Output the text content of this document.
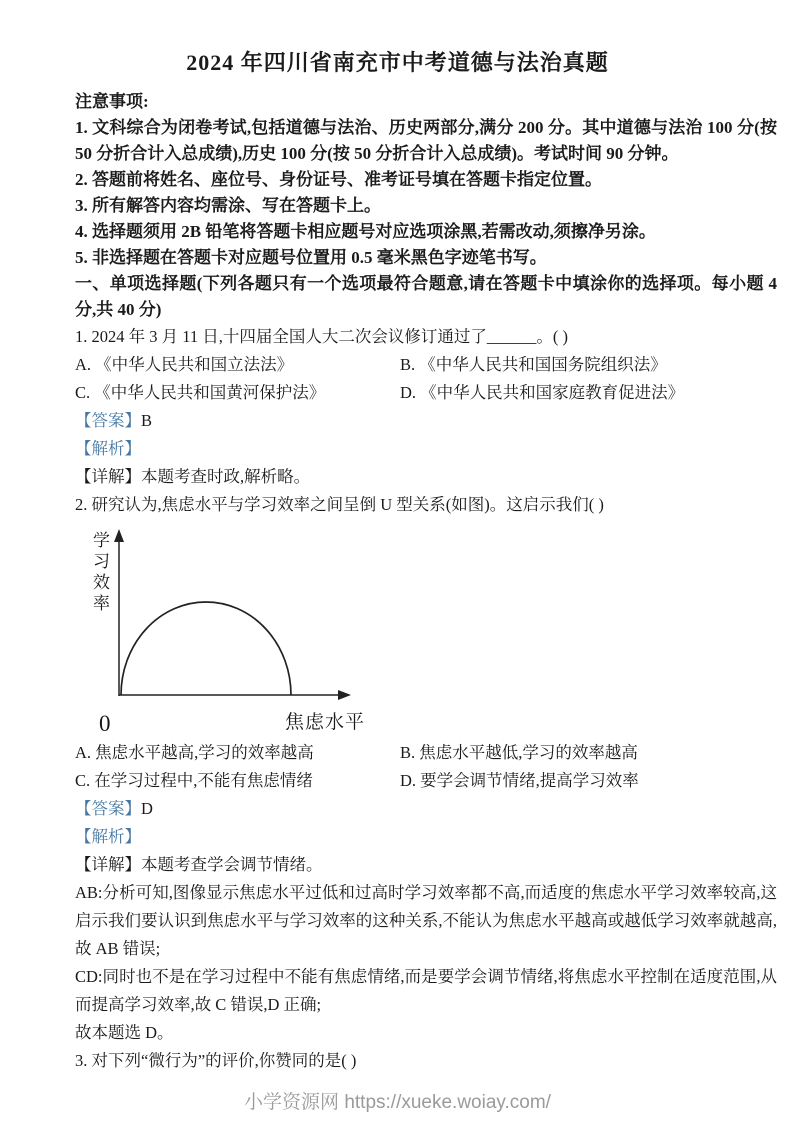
2024 年四川省南充市中考道德与法治真题

注意事项:

1. 文科综合为闭卷考试,包括道德与法治、历史两部分,满分 200 分。其中道德与法治 100 分(按 50 分折合计入总成绩),历史 100 分(按 50 分折合计入总成绩)。考试时间 90 分钟。

2. 答题前将姓名、座位号、身份证号、准考证号填在答题卡指定位置。

3. 所有解答内容均需涂、写在答题卡上。

4. 选择题须用 2B 铅笔将答题卡相应题号对应选项涂黑,若需改动,须擦净另涂。

5. 非选择题在答题卡对应题号位置用 0.5 毫米黑色字迹笔书写。

一、单项选择题(下列各题只有一个选项最符合题意,请在答题卡中填涂你的选择项。每小题 4 分,共 40 分)

1. 2024 年 3 月 11 日,十四届全国人大二次会议修订通过了______。( )

A. 《中华人民共和国立法法》	B. 《中华人民共和国国务院组织法》
C. 《中华人民共和国黄河保护法》	D. 《中华人民共和国家庭教育促进法》

【答案】B

【解析】

【详解】本题考查时政,解析略。

2. 研究认为,焦虑水平与学习效率之间呈倒 U 型关系(如图)。这启示我们( )

学习效率
0	焦虑水平
A. 焦虑水平越高,学习的效率越高	B. 焦虑水平越低,学习的效率越高
C. 在学习过程中,不能有焦虑情绪	D. 要学会调节情绪,提高学习效率

【答案】D

【解析】

【详解】本题考查学会调节情绪。

AB:分析可知,图像显示焦虑水平过低和过高时学习效率都不高,而适度的焦虑水平学习效率较高,这启示我们要认识到焦虑水平与学习效率的这种关系,不能认为焦虑水平越高或越低学习效率就越高,故 AB 错误;

CD:同时也不是在学习过程中不能有焦虑情绪,而是要学会调节情绪,将焦虑水平控制在适度范围,从而提高学习效率,故 C 错误,D 正确;

故本题选 D。

3. 对下列“微行为”的评价,你赞同的是( )

小学资源网 https://xueke.woiay.com/
